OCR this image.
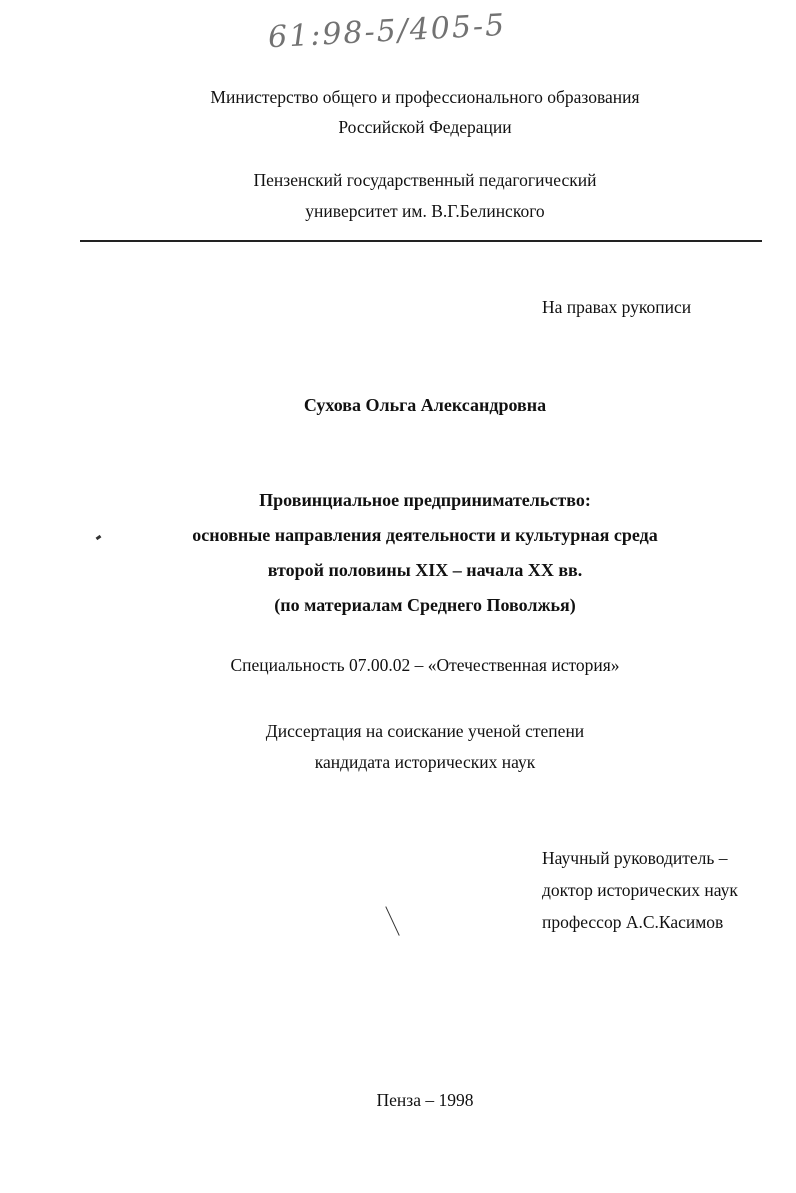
61:98-5/405-5
Министерство общего и профессионального образования
Российской Федерации
Пензенский государственный педагогический
университет им. В.Г.Белинского
На правах рукописи
Сухова Ольга Александровна
Провинциальное предпринимательство:
основные направления деятельности и культурная среда
второй половины XIX – начала XX вв.
(по материалам Среднего Поволжья)
Специальность 07.00.02 – «Отечественная история»
Диссертация на соискание ученой степени
кандидата исторических наук
Научный руководитель –
доктор исторических наук
профессор А.С.Касимов
Пенза – 1998
